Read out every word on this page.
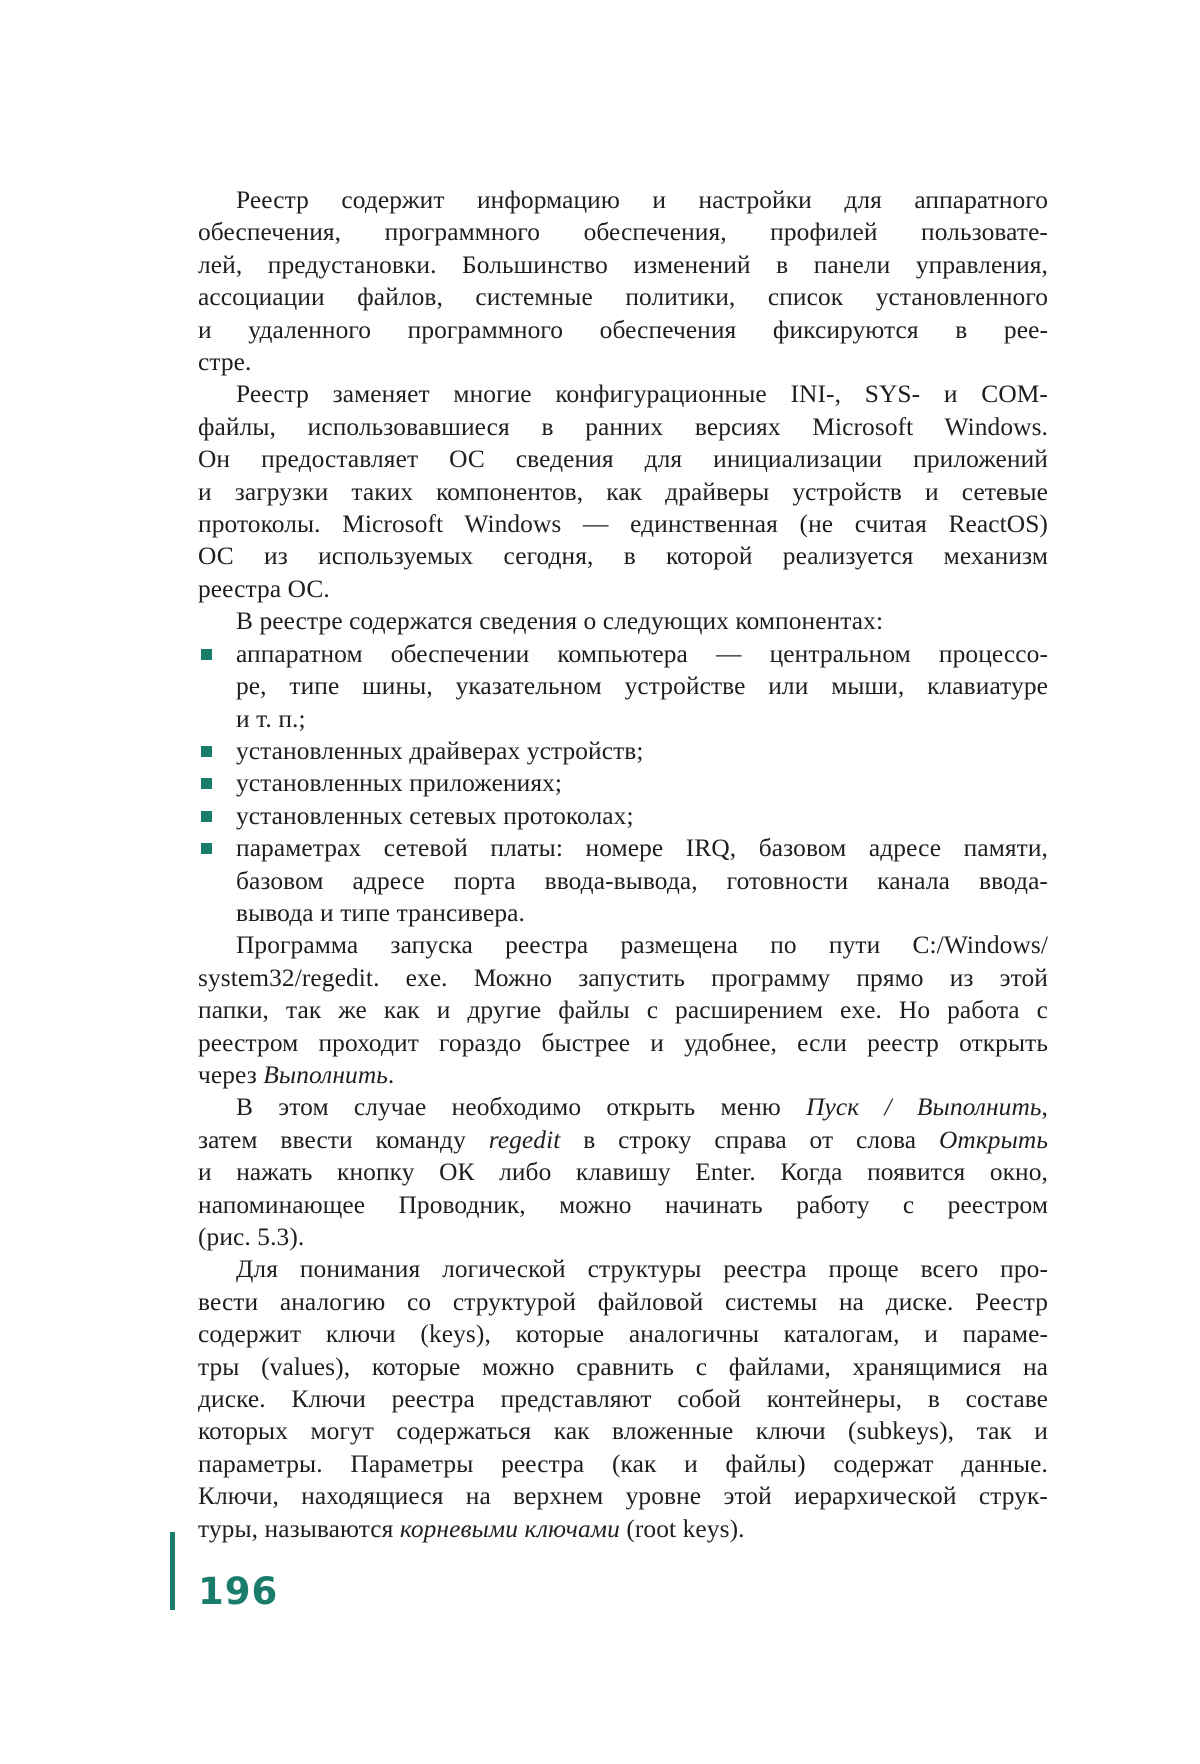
Реестр содержит информацию и настройки для аппаратного
обеспечения, программного обеспечения, профилей пользовате-
лей, предустановки. Большинство изменений в панели управления,
ассоциации файлов, системные политики, список установленного
и удаленного программного обеспечения фиксируются в рее-
стре.
Реестр заменяет многие конфигурационные INI-, SYS- и COM-
файлы, использовавшиеся в ранних версиях Microsoft Windows.
Он предоставляет ОС сведения для инициализации приложений
и загрузки таких компонентов, как драйверы устройств и сетевые
протоколы. Microsoft Windows — единственная (не считая ReactOS)
ОС из используемых сегодня, в которой реализуется механизм
реестра ОС.
В реестре содержатся сведения о следующих компонентах:
аппаратном обеспечении компьютера — центральном процессо-
ре, типе шины, указательном устройстве или мыши, клавиатуре
и т. п.;
установленных драйверах устройств;
установленных приложениях;
установленных сетевых протоколах;
параметрах сетевой платы: номере IRQ, базовом адресе памяти,
базовом адресе порта ввода-вывода, готовности канала ввода-
вывода и типе трансивера.
Программа запуска реестра размещена по пути C:/Windows/
system32/regedit. exe. Можно запустить программу прямо из этой
папки, так же как и другие файлы с расширением exe. Но работа с
реестром проходит гораздо быстрее и удобнее, если реестр открыть
через Выполнить.
В этом случае необходимо открыть меню Пуск / Выполнить,
затем ввести команду regedit в строку справа от слова Открыть
и нажать кнопку ОК либо клавишу Enter. Когда появится окно,
напоминающее Проводник, можно начинать работу с реестром
(рис. 5.3).
Для понимания логической структуры реестра проще всего про-
вести аналогию со структурой файловой системы на диске. Реестр
содержит ключи (keys), которые аналогичны каталогам, и параме-
тры (values), которые можно сравнить с файлами, хранящимися на
диске. Ключи реестра представляют собой контейнеры, в составе
которых могут содержаться как вложенные ключи (subkeys), так и
параметры. Параметры реестра (как и файлы) содержат данные.
Ключи, находящиеся на верхнем уровне этой иерархической струк-
туры, называются корневыми ключами (root keys).
196
